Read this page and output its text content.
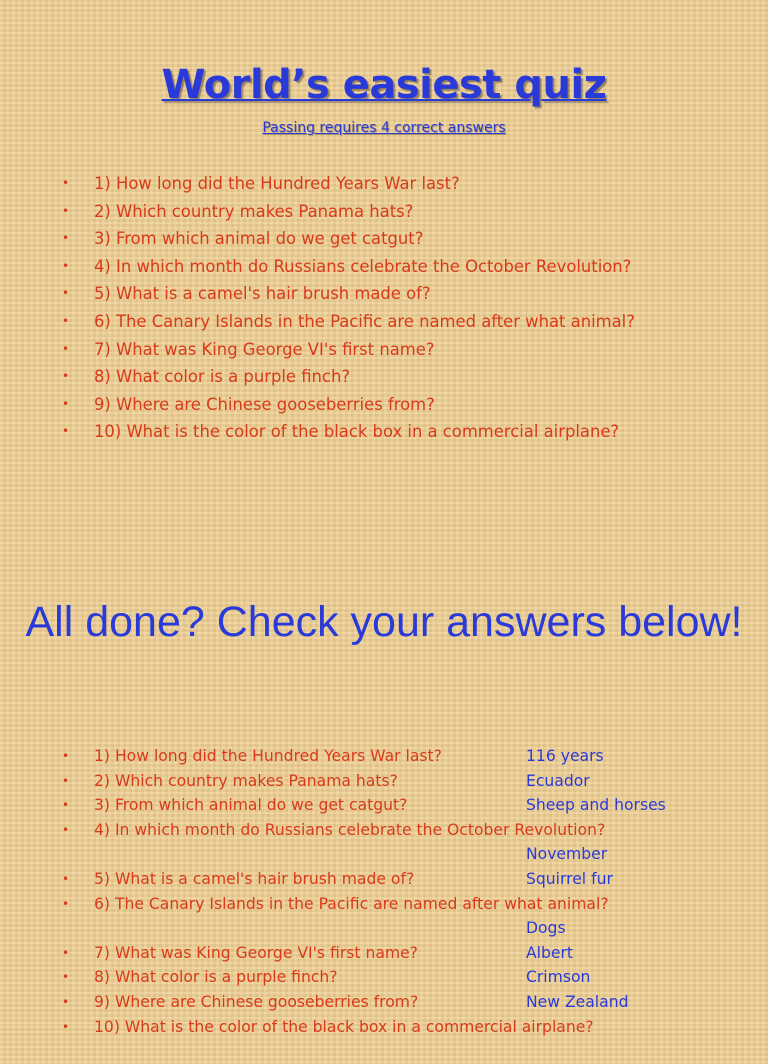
World’s easiest quiz
Passing requires 4 correct answers
• 1) How long did the Hundred Years War last?
• 2) Which country makes Panama hats?
• 3) From which animal do we get catgut?
• 4) In which month do Russians celebrate the October Revolution?
• 5) What is a camel's hair brush made of?
• 6) The Canary Islands in the Pacific are named after what animal?
• 7) What was King George VI's first name?
• 8) What color is a purple finch?
• 9) Where are Chinese gooseberries from?
• 10) What is the color of the black box in a commercial airplane?
All done? Check your answers below!
• 1) How long did the Hundred Years War last?	116 years
• 2) Which country makes Panama hats?	Ecuador
• 3) From which animal do we get catgut?	Sheep and horses
• 4) In which month do Russians celebrate the October Revolution?
November
• 5) What is a camel's hair brush made of?	Squirrel fur
• 6) The Canary Islands in the Pacific are named after what animal?
Dogs
• 7) What was King George VI's first name?	Albert
• 8) What color is a purple finch?	Crimson
• 9) Where are Chinese gooseberries from?	New Zealand
• 10) What is the color of the black box in a commercial airplane?
